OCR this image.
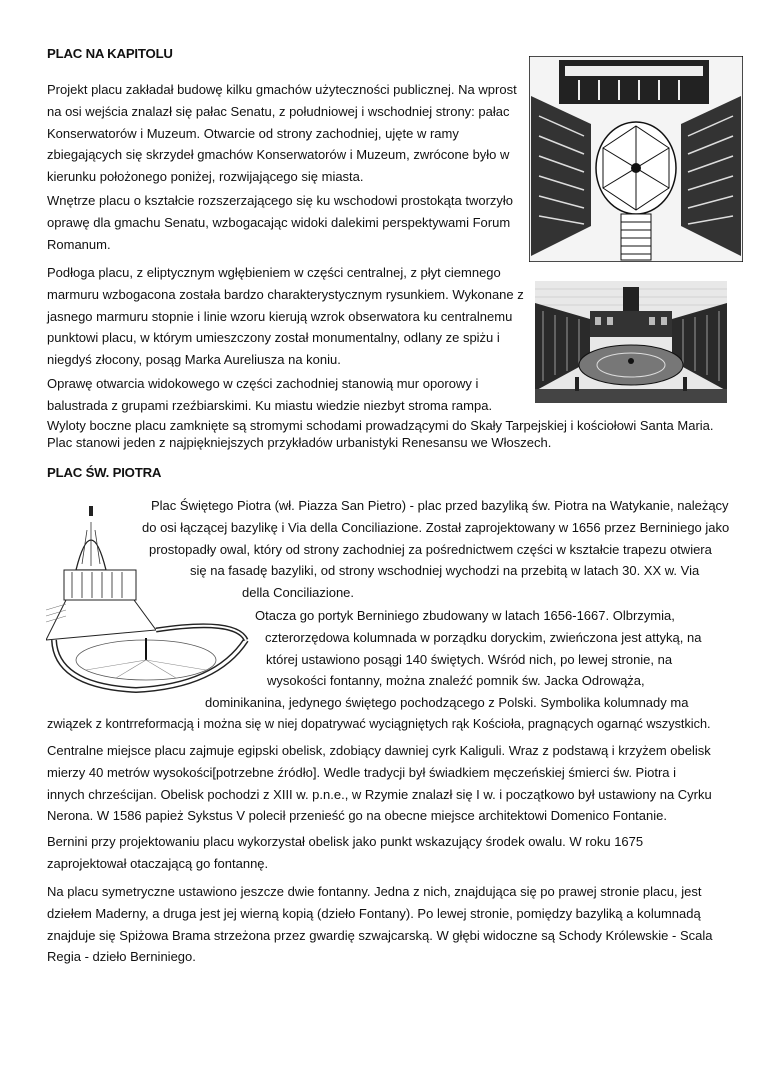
PLAC NA KAPITOLU

Projekt placu zakładał budowę kilku gmachów użyteczności publicznej. Na wprost na osi wejścia znalazł się pałac Senatu, z południowej i wschodniej strony: pałac Konserwatorów i Muzeum. Otwarcie od strony zachodniej, ujęte w ramy zbiegających się skrzydeł gmachów Konserwatorów i Muzeum, zwrócone było w kierunku położonego poniżej, rozwijającego się miasta.

Wnętrze placu o kształcie rozszerzającego się ku wschodowi prostokąta tworzyło oprawę dla gmachu Senatu, wzbogacając widoki dalekimi perspektywami Forum Romanum.

Podłoga placu, z eliptycznym wgłębieniem w części centralnej, z płyt ciemnego marmuru wzbogacona została bardzo charakterystycznym rysunkiem. Wykonane z jasnego marmuru stopnie i linie wzoru kierują wzrok obserwatora ku centralnemu punktowi placu, w którym umieszczony został monumentalny, odlany ze spiżu i niegdyś złocony, posąg Marka Aureliusza na koniu.

Oprawę otwarcia widokowego w części zachodniej stanowią mur oporowy i balustrada z grupami rzeźbiarskimi. Ku miastu wiedzie niezbyt stroma rampa.

Wyloty boczne placu zamknięte są stromymi schodami prowadzącymi do Skały Tarpejskiej i kościołowi Santa Maria.
Plac stanowi jeden z najpiękniejszych przykładów urbanistyki Renesansu we Włoszech.
PLAC ŚW. PIOTRA
Plac Świętego Piotra (wł. Piazza San Pietro) - plac przed bazyliką św. Piotra na Watykanie, należący
do osi łączącej bazylikę i Via della Conciliazione. Został zaprojektowany w 1656 przez Berniniego jako
prostopadły owal, który od strony zachodniej za pośrednictwem części w kształcie trapezu otwiera
się na fasadę bazyliki, od strony wschodniej wychodzi na przebitą w latach 30. XX w. Via
della Conciliazione.
Otacza go portyk Berniniego zbudowany w latach 1656-1667. Olbrzymia,
czterorzędowa kolumnada w porządku doryckim, zwieńczona jest attyką, na
której ustawiono posągi 140 świętych. Wśród nich, po lewej stronie, na
wysokości fontanny, można znaleźć pomnik św. Jacka Odrowąża,
dominikanina, jedynego świętego pochodzącego z Polski. Symbolika kolumnady ma
związek z kontrreformacją i można się w niej dopatrywać wyciągniętych rąk Kościoła, pragnących ogarnąć wszystkich.

Centralne miejsce placu zajmuje egipski obelisk, zdobiący dawniej cyrk Kaliguli. Wraz z podstawą i krzyżem obelisk mierzy 40 metrów wysokości[potrzebne źródło]. Wedle tradycji był świadkiem męczeńskiej śmierci św. Piotra i innych chrześcijan. Obelisk pochodzi z XIII w. p.n.e., w Rzymie znalazł się I w. i początkowo był ustawiony na Cyrku Nerona. W 1586 papież Sykstus V polecił przenieść go na obecne miejsce architektowi Domenico Fontanie.

Bernini przy projektowaniu placu wykorzystał obelisk jako punkt wskazujący środek owalu. W roku 1675 zaprojektował otaczającą go fontannę.

Na placu symetryczne ustawiono jeszcze dwie fontanny. Jedna z nich, znajdująca się po prawej stronie placu, jest dziełem Maderny, a druga jest jej wierną kopią (dzieło Fontany). Po lewej stronie, pomiędzy bazyliką a kolumnadą znajduje się Spiżowa Brama strzeżona przez gwardię szwajcarską. W głębi widoczne są Schody Królewskie - Scala Regia - dzieło Berniniego.
